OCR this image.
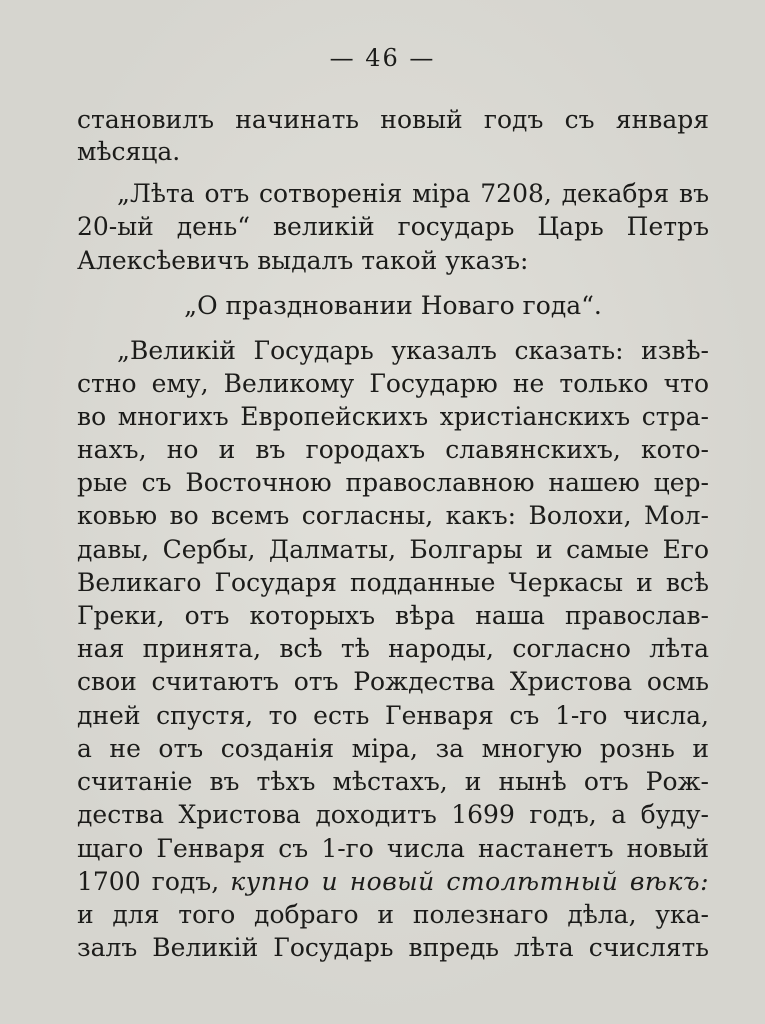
— 46 —
становилъ начинать новый годъ съ января
мѣсяца.
„Лѣта отъ сотворенія міра 7208, декабря въ
20-ый день“ великій государь Царь Петръ
Алексѣевичъ выдалъ такой указъ:
„О праздновании Новаго года“.
„Великій Государь указалъ сказать: извѣ-
стно ему, Великому Государю не только что
во многихъ Европейскихъ христіанскихъ стра-
нахъ, но и въ городахъ славянскихъ, кото-
рые съ Восточною православною нашею цер-
ковью во всемъ согласны, какъ: Волохи, Мол-
давы, Сербы, Далматы, Болгары и самые Его
Великаго Государя подданные Черкасы и всѣ
Греки, отъ которыхъ вѣра наша православ-
ная принята, всѣ тѣ народы, согласно лѣта
свои считаютъ отъ Рождества Христова осмь
дней спустя, то есть Генваря съ 1-го числа,
а не отъ созданія міра, за многую рознь и
считаніе въ тѣхъ мѣстахъ, и нынѣ отъ Рож-
дества Христова доходитъ 1699 годъ, а буду-
щаго Генваря съ 1-го числа настанетъ новый
1700 годъ, купно и новый столѣтный вѣкъ:
и для того добраго и полезнаго дѣла, ука-
залъ Великій Государь впредь лѣта счислять
